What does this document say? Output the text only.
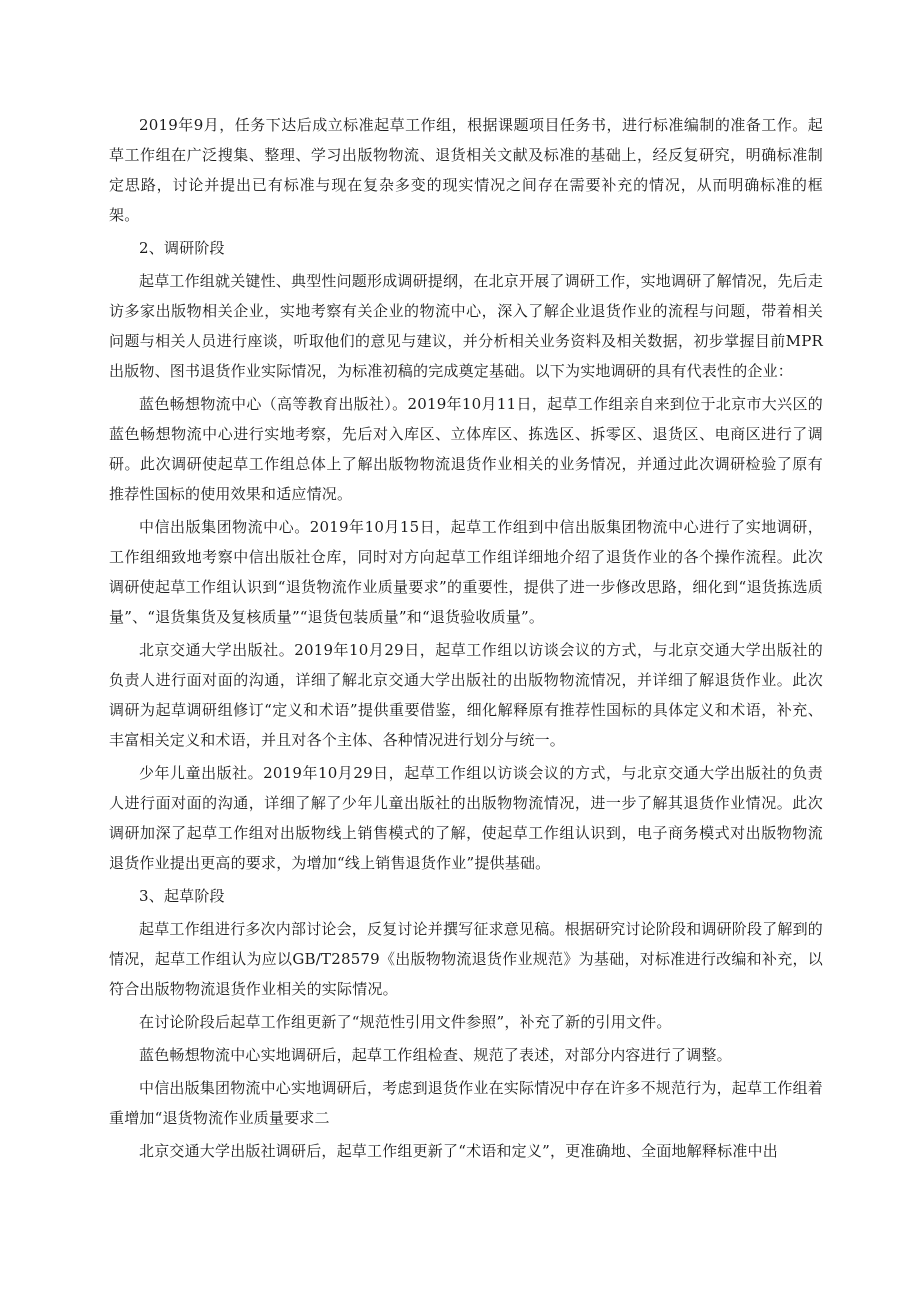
2019年9月，任务下达后成立标准起草工作组，根据课题项目任务书，进行标准编制的准备工作。起草工作组在广泛搜集、整理、学习出版物物流、退货相关文献及标准的基础上，经反复研究，明确标准制定思路，讨论并提出已有标准与现在复杂多变的现实情况之间存在需要补充的情况，从而明确标准的框架。

2、调研阶段

起草工作组就关键性、典型性问题形成调研提纲，在北京开展了调研工作，实地调研了解情况，先后走访多家出版物相关企业，实地考察有关企业的物流中心，深入了解企业退货作业的流程与问题，带着相关问题与相关人员进行座谈，听取他们的意见与建议，并分析相关业务资料及相关数据，初步掌握目前MPR出版物、图书退货作业实际情况，为标准初稿的完成奠定基础。以下为实地调研的具有代表性的企业：

蓝色畅想物流中心（高等教育出版社）。2019年10月11日，起草工作组亲自来到位于北京市大兴区的蓝色畅想物流中心进行实地考察，先后对入库区、立体库区、拣选区、拆零区、退货区、电商区进行了调研。此次调研使起草工作组总体上了解出版物物流退货作业相关的业务情况，并通过此次调研检验了原有推荐性国标的使用效果和适应情况。

中信出版集团物流中心。2019年10月15日，起草工作组到中信出版集团物流中心进行了实地调研，工作组细致地考察中信出版社仓库，同时对方向起草工作组详细地介绍了退货作业的各个操作流程。此次调研使起草工作组认识到“退货物流作业质量要求”的重要性，提供了进一步修改思路，细化到“退货拣选质量”、“退货集货及复核质量”“退货包装质量”和“退货验收质量”。

北京交通大学出版社。2019年10月29日，起草工作组以访谈会议的方式，与北京交通大学出版社的负责人进行面对面的沟通，详细了解北京交通大学出版社的出版物物流情况，并详细了解退货作业。此次调研为起草调研组修订“定义和术语”提供重要借鉴，细化解释原有推荐性国标的具体定义和术语，补充、丰富相关定义和术语，并且对各个主体、各种情况进行划分与统一。

少年儿童出版社。2019年10月29日，起草工作组以访谈会议的方式，与北京交通大学出版社的负责人进行面对面的沟通，详细了解了少年儿童出版社的出版物物流情况，进一步了解其退货作业情况。此次调研加深了起草工作组对出版物线上销售模式的了解，使起草工作组认识到，电子商务模式对出版物物流退货作业提出更高的要求，为增加“线上销售退货作业”提供基础。

3、起草阶段

起草工作组进行多次内部讨论会，反复讨论并撰写征求意见稿。根据研究讨论阶段和调研阶段了解到的情况，起草工作组认为应以GB/T28579《出版物物流退货作业规范》为基础，对标准进行改编和补充，以符合出版物物流退货作业相关的实际情况。

在讨论阶段后起草工作组更新了“规范性引用文件参照”，补充了新的引用文件。

蓝色畅想物流中心实地调研后，起草工作组检查、规范了表述，对部分内容进行了调整。

中信出版集团物流中心实地调研后，考虑到退货作业在实际情况中存在许多不规范行为，起草工作组着重增加“退货物流作业质量要求二

北京交通大学出版社调研后，起草工作组更新了“术语和定义”，更准确地、全面地解释标准中出
